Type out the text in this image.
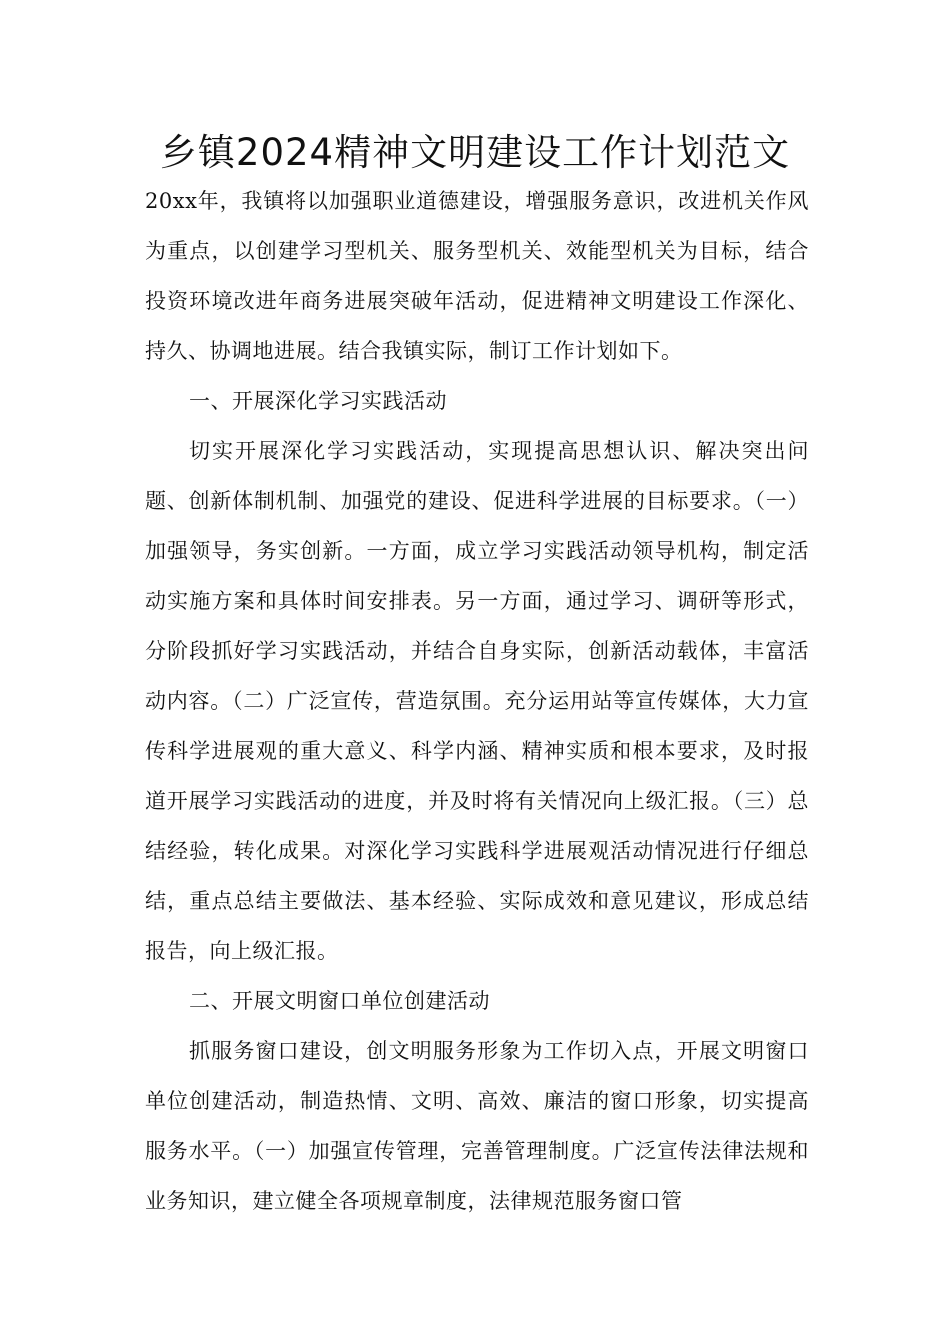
乡镇2024精神文明建设工作计划范文

20xx年，我镇将以加强职业道德建设，增强服务意识，改进机关作风为重点，以创建学习型机关、服务型机关、效能型机关为目标，结合投资环境改进年商务进展突破年活动，促进精神文明建设工作深化、持久、协调地进展。结合我镇实际，制订工作计划如下。

一、开展深化学习实践活动

切实开展深化学习实践活动，实现提高思想认识、解决突出问题、创新体制机制、加强党的建设、促进科学进展的目标要求。（一）加强领导，务实创新。一方面，成立学习实践活动领导机构，制定活动实施方案和具体时间安排表。另一方面，通过学习、调研等形式，分阶段抓好学习实践活动，并结合自身实际，创新活动载体，丰富活动内容。（二）广泛宣传，营造氛围。充分运用站等宣传媒体，大力宣传科学进展观的重大意义、科学内涵、精神实质和根本要求，及时报道开展学习实践活动的进度，并及时将有关情况向上级汇报。（三）总结经验，转化成果。对深化学习实践科学进展观活动情况进行仔细总结，重点总结主要做法、基本经验、实际成效和意见建议，形成总结报告，向上级汇报。

二、开展文明窗口单位创建活动

抓服务窗口建设，创文明服务形象为工作切入点，开展文明窗口单位创建活动，制造热情、文明、高效、廉洁的窗口形象，切实提高服务水平。（一）加强宣传管理，完善管理制度。广泛宣传法律法规和业务知识，建立健全各项规章制度，法律规范服务窗口管
